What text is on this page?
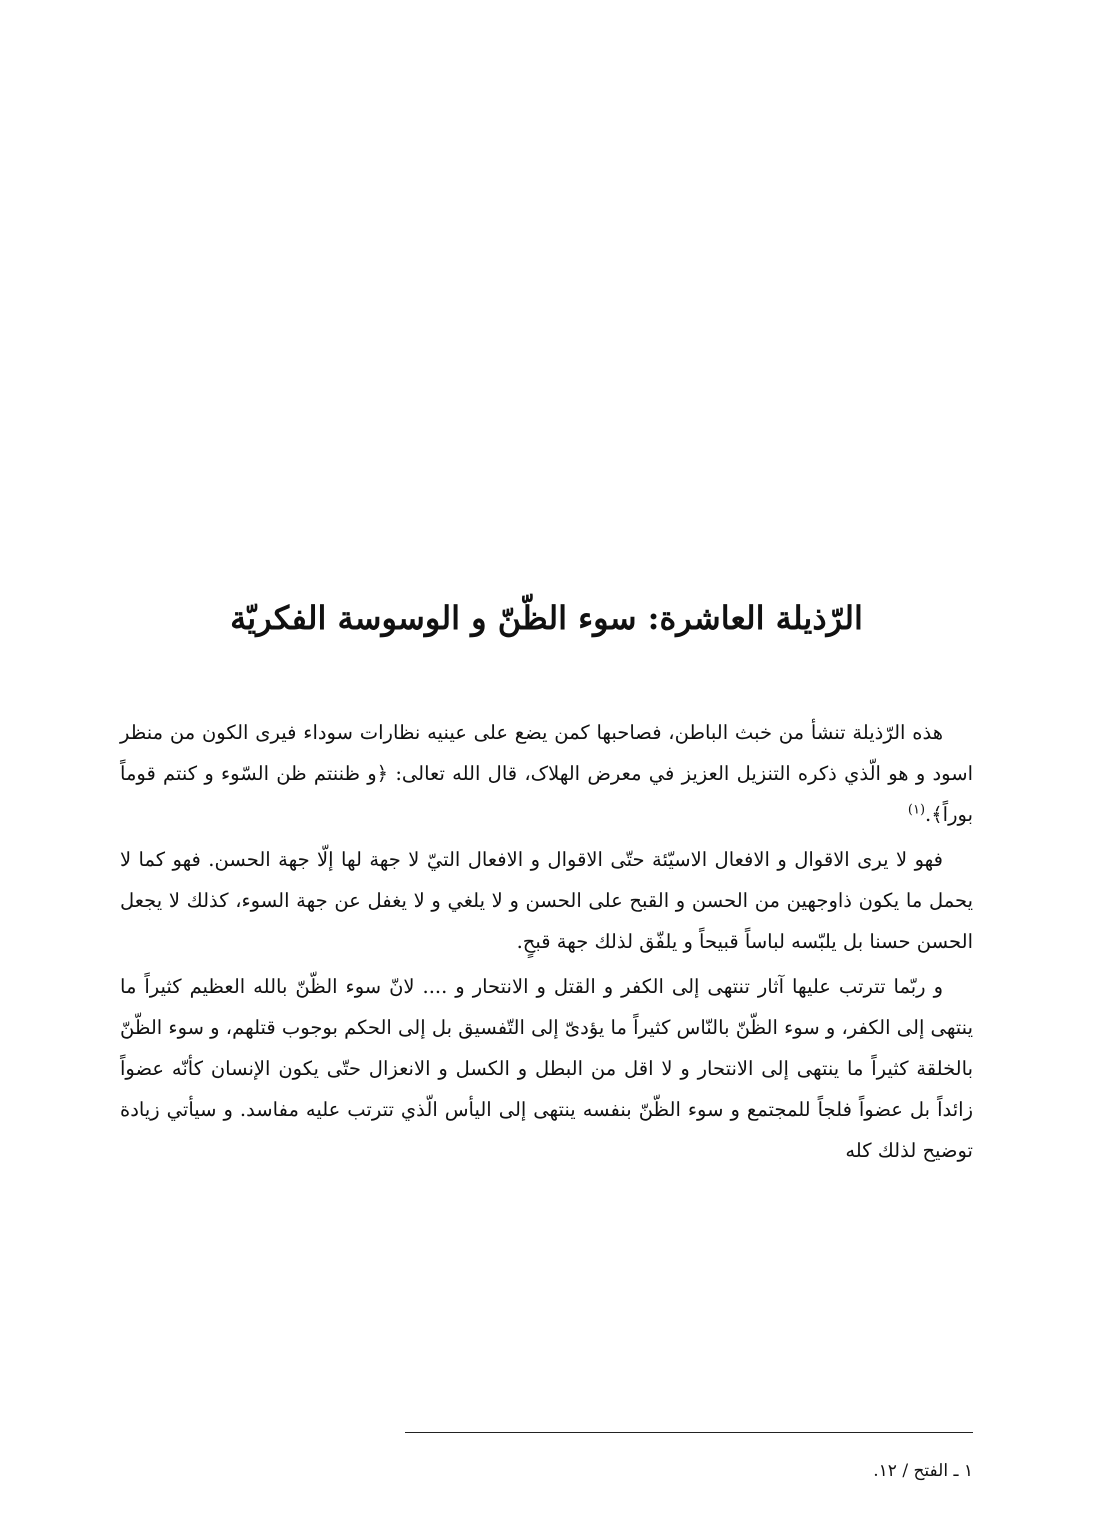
الرّذيلة العاشرة: سوء الظّنّ و الوسوسة الفكريّة

هذه الرّذيلة تنشأ من خبث الباطن، فصاحبها كمن يضع على عينيه نظارات سوداء فيرى الكون من منظر اسود و هو الّذي ذكره التنزيل العزيز في معرض الهلاک، قال الله تعالى: ﴿و ظننتم ظن السّوء و كنتم قوماً بوراً﴾.$^{(١)}$

فهو لا يرى الاقوال و الافعال الاسيّئة حتّى الاقوال و الافعال التيّ لا جهة لها إلّا جهة الحسن. فهو كما لا يحمل ما يكون ذاوجهين من الحسن و القبح على الحسن و لا يلغي و لا يغفل عن جهة السوء، كذلك لا يجعل الحسن حسنا بل يلبّسه لباساً قبيحاً و يلفّق لذلك جهة قبحٍ.

و ربّما تترتب عليها آثار تنتهى إلى الكفر و القتل و الانتحار و .... لانّ سوء الظّنّ بالله العظيم كثيراً ما ينتهى إلى الكفر، و سوء الظّنّ بالنّاس كثيراً ما يؤدىّ إلى التّفسيق بل إلى الحكم بوجوب قتلهم، و سوء الظّنّ بالخلقة كثيراً ما ينتهى إلى الانتحار و لا اقل من البطل و الكسل و الانعزال حتّى يكون الإنسان كأنّه عضواً زائداً بل عضواً فلجاً للمجتمع و سوء الظّنّ بنفسه ينتهى إلى اليأس الّذي تترتب عليه مفاسد. و سيأتي زيادة توضيح لذلك كله

١ ـ الفتح / ١٢.
